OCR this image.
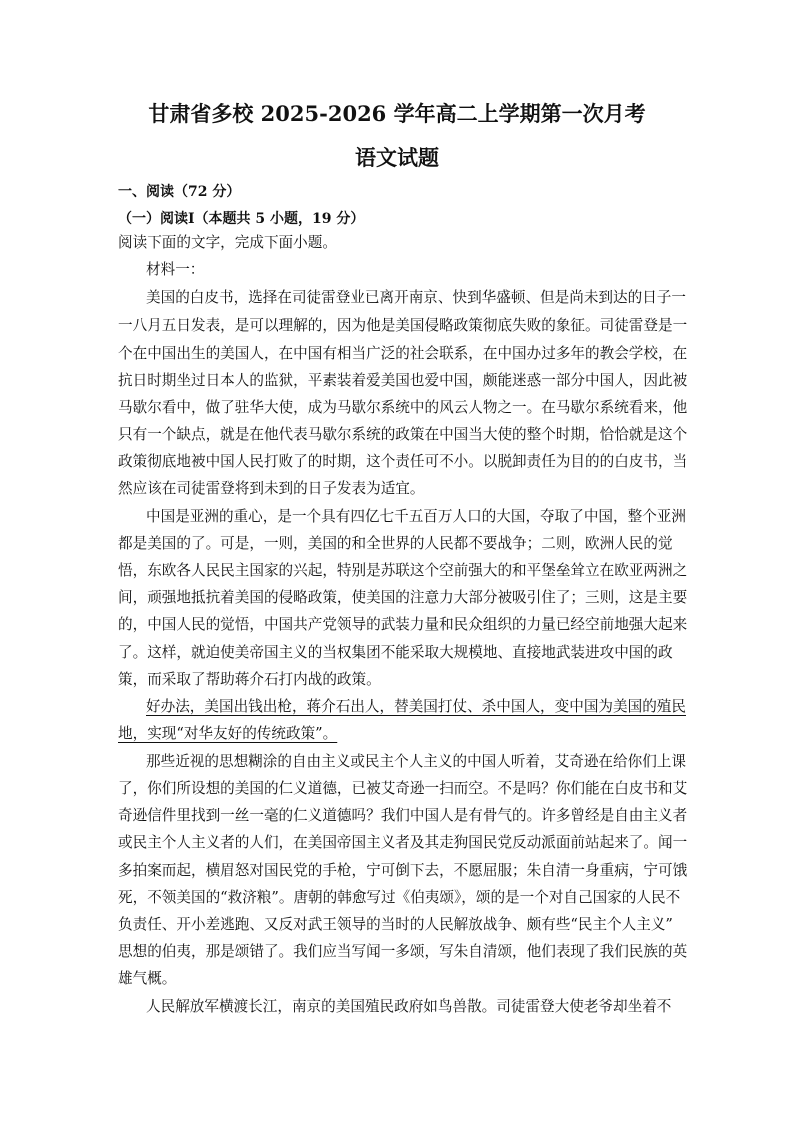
甘肃省多校 2025-2026 学年高二上学期第一次月考
语文试题
一、阅读（72 分）
（一）阅读Ⅰ（本题共 5 小题，19 分）
阅读下面的文字，完成下面小题。
材料一：
美国的白皮书，选择在司徒雷登业已离开南京、快到华盛顿、但是尚未到达的日子一
一八月五日发表，是可以理解的，因为他是美国侵略政策彻底失败的象征。司徒雷登是一
个在中国出生的美国人，在中国有相当广泛的社会联系，在中国办过多年的教会学校，在
抗日时期坐过日本人的监狱，平素装着爱美国也爱中国，颇能迷惑一部分中国人，因此被
马歇尔看中，做了驻华大使，成为马歇尔系统中的风云人物之一。在马歇尔系统看来，他
只有一个缺点，就是在他代表马歇尔系统的政策在中国当大使的整个时期，恰恰就是这个
政策彻底地被中国人民打败了的时期，这个责任可不小。以脱卸责任为目的的白皮书，当
然应该在司徒雷登将到未到的日子发表为适宜。
中国是亚洲的重心，是一个具有四亿七千五百万人口的大国，夺取了中国，整个亚洲
都是美国的了。可是，一则，美国的和全世界的人民都不要战争；二则，欧洲人民的觉
悟，东欧各人民民主国家的兴起，特别是苏联这个空前强大的和平堡垒耸立在欧亚两洲之
间，顽强地抵抗着美国的侵略政策，使美国的注意力大部分被吸引住了；三则，这是主要
的，中国人民的觉悟，中国共产党领导的武装力量和民众组织的力量已经空前地强大起来
了。这样，就迫使美帝国主义的当权集团不能采取大规模地、直接地武装进攻中国的政
策，而采取了帮助蒋介石打内战的政策。
好办法，美国出钱出枪，蒋介石出人，替美国打仗、杀中国人，变中国为美国的殖民
地，实现“对华友好的传统政策”。
那些近视的思想糊涂的自由主义或民主个人主义的中国人听着，艾奇逊在给你们上课
了，你们所设想的美国的仁义道德，已被艾奇逊一扫而空。不是吗？你们能在白皮书和艾
奇逊信件里找到一丝一毫的仁义道德吗？我们中国人是有骨气的。许多曾经是自由主义者
或民主个人主义者的人们，在美国帝国主义者及其走狗国民党反动派面前站起来了。闻一
多拍案而起，横眉怒对国民党的手枪，宁可倒下去，不愿屈服；朱自清一身重病，宁可饿
死，不领美国的“救济粮”。唐朝的韩愈写过《伯夷颂》，颂的是一个对自己国家的人民不
负责任、开小差逃跑、又反对武王领导的当时的人民解放战争、颇有些“民主个人主义”
思想的伯夷，那是颂错了。我们应当写闻一多颂，写朱自清颂，他们表现了我们民族的英
雄气概。
人民解放军横渡长江，南京的美国殖民政府如鸟兽散。司徒雷登大使老爷却坐着不
